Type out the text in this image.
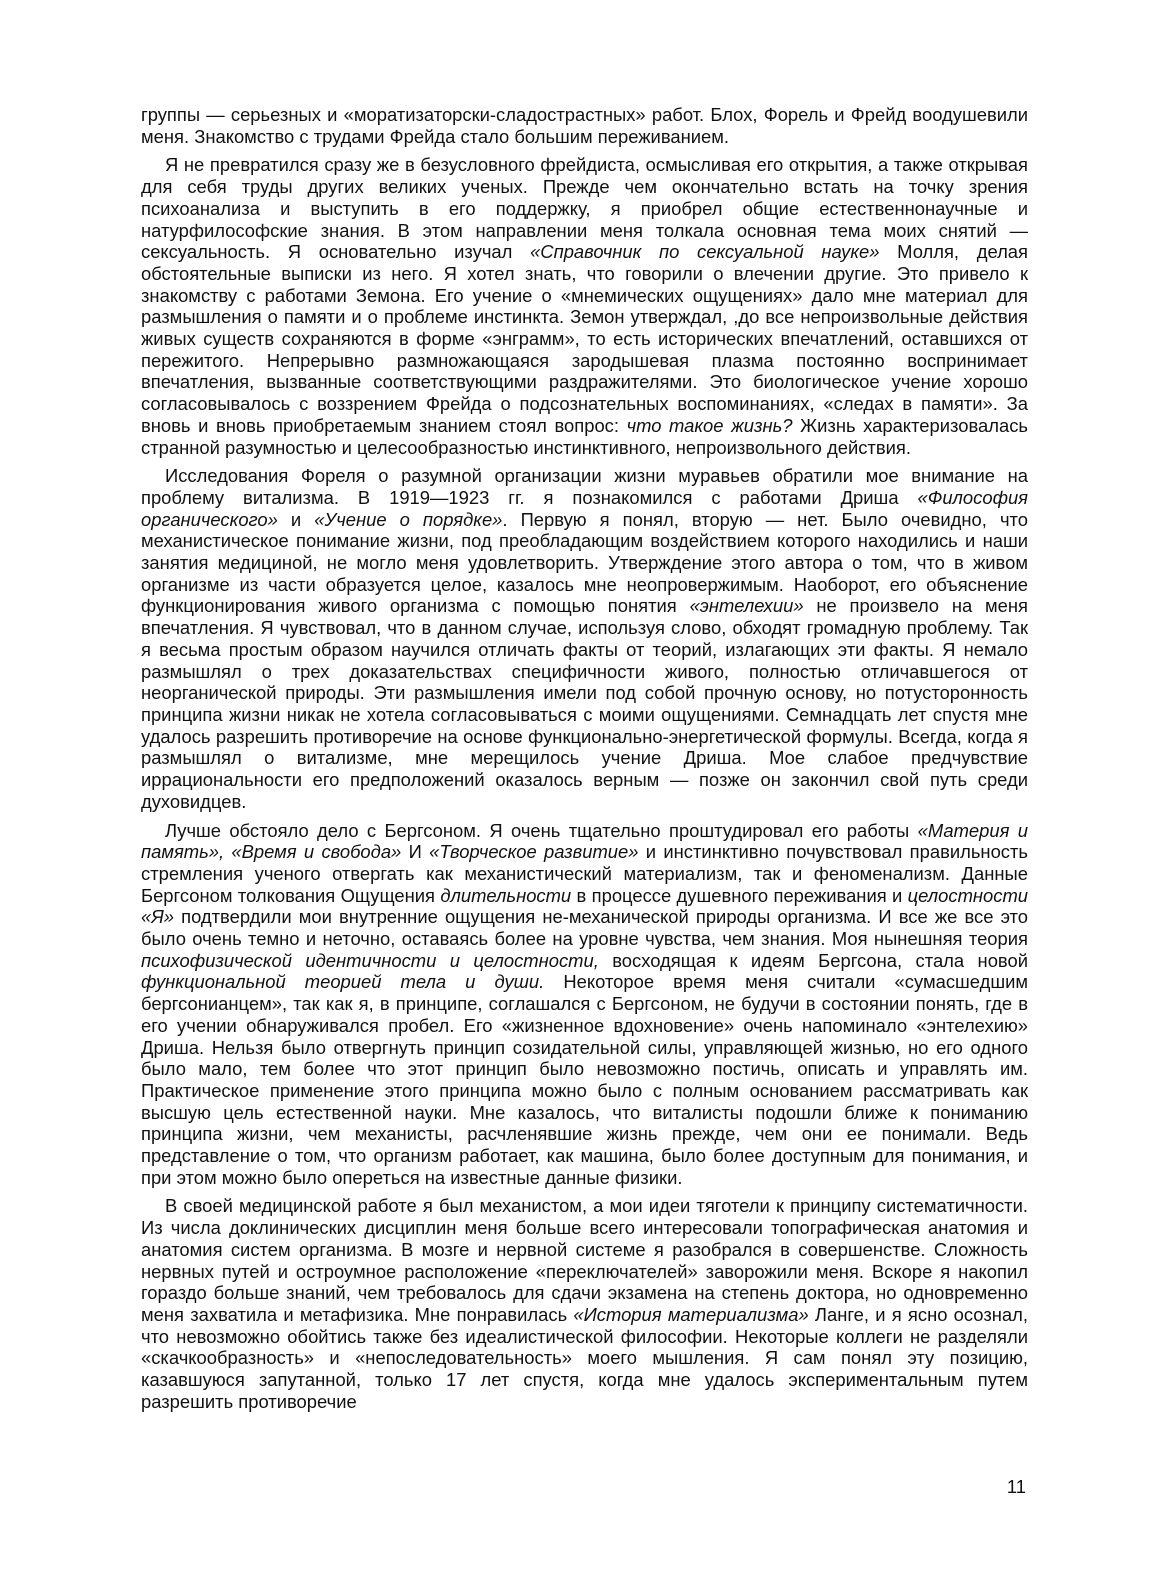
группы — серьезных и «моратизаторски-сладострастных» работ. Блох, Форель и Фрейд воодушевили меня. Знакомство с трудами Фрейда стало большим переживанием.

Я не превратился сразу же в безусловного фрейдиста, осмысливая его открытия, а также открывая для себя труды других великих ученых. Прежде чем окончательно встать на точку зрения психоанализа и выступить в его поддержку, я приобрел общие естественнонаучные и натурфилософские знания. В этом направлении меня толкала основная тема моих снятий — сексуальность. Я основательно изучал «Справочник по сексуальной науке» Молля, делая обстоятельные выписки из него. Я хотел знать, что говорили о влечении другие. Это привело к знакомству с работами Земона. Его учение о «мнемических ощущениях» дало мне материал для размышления о памяти и о проблеме инстинкта. Земон утверждал, ,до все непроизвольные действия живых существ сохраняются в форме «энграмм», то есть исторических впечатлений, оставшихся от пережитого. Непрерывно размножающаяся зародышевая плазма постоянно воспринимает впечатления, вызванные соответствующими раздражителями. Это биологическое учение хорошо согласовывалось с воззрением Фрейда о подсознательных воспоминаниях, «следах в памяти». За вновь и вновь приобретаемым знанием стоял вопрос: что такое жизнь? Жизнь характеризовалась странной разумностью и целесообразностью инстинктивного, непроизвольного действия.

Исследования Фореля о разумной организации жизни муравьев обратили мое внимание на проблему витализма. В 1919—1923 гг. я познакомился с работами Дриша «Философия органического» и «Учение о порядке». Первую я понял, вторую — нет. Было очевидно, что механистическое понимание жизни, под преобладающим воздействием которого находились и наши занятия медициной, не могло меня удовлетворить. Утверждение этого автора о том, что в живом организме из части образуется целое, казалось мне неопровержимым. Наоборот, его объяснение функционирования живого организма с помощью понятия «энтелехии» не произвело на меня впечатления. Я чувствовал, что в данном случае, используя слово, обходят громадную проблему. Так я весьма простым образом научился отличать факты от теорий, излагающих эти факты. Я немало размышлял о трех доказательствах специфичности живого, полностью отличавшегося от неорганической природы. Эти размышления имели под собой прочную основу, но потусторонность принципа жизни никак не хотела согласовываться с моими ощущениями. Семнадцать лет спустя мне удалось разрешить противоречие на основе функционально-энергетической формулы. Всегда, когда я размышлял о витализме, мне мерещилось учение Дриша. Мое слабое предчувствие иррациональности его предположений оказалось верным — позже он закончил свой путь среди духовидцев.

Лучше обстояло дело с Бергсоном. Я очень тщательно проштудировал его работы «Материя и память», «Время и свобода» И «Творческое развитие» и инстинктивно почувствовал правильность стремления ученого отвергать как механистический материализм, так и феноменализм. Данные Бергсоном толкования Ощущения длительности в процессе душевного переживания и целостности «Я» подтвердили мои внутренние ощущения не-механической природы организма. И все же все это было очень темно и неточно, оставаясь более на уровне чувства, чем знания. Моя нынешняя теория психофизической идентичности и целостности, восходящая к идеям Бергсона, стала новой функциональной теорией тела и души. Некоторое время меня считали «сумасшедшим бергсонианцем», так как я, в принципе, соглашался с Бергсоном, не будучи в состоянии понять, где в его учении обнаруживался пробел. Его «жизненное вдохновение» очень напоминало «энтелехию» Дриша. Нельзя было отвергнуть принцип созидательной силы, управляющей жизнью, но его одного было мало, тем более что этот принцип было невозможно постичь, описать и управлять им. Практическое применение этого принципа можно было с полным основанием рассматривать как высшую цель естественной науки. Мне казалось, что виталисты подошли ближе к пониманию принципа жизни, чем механисты, расчленявшие жизнь прежде, чем они ее понимали. Ведь представление о том, что организм работает, как машина, было более доступным для понимания, и при этом можно было опереться на известные данные физики.

В своей медицинской работе я был механистом, а мои идеи тяготели к принципу систематичности. Из числа доклинических дисциплин меня больше всего интересовали топографическая анатомия и анатомия систем организма. В мозге и нервной системе я разобрался в совершенстве. Сложность нервных путей и остроумное расположение «переключателей» заворожили меня. Вскоре я накопил гораздо больше знаний, чем требовалось для сдачи экзамена на степень доктора, но одновременно меня захватила и метафизика. Мне понравилась «История материализма» Ланге, и я ясно осознал, что невозможно обойтись также без идеалистической философии. Некоторые коллеги не разделяли «скачкообразность» и «непоследовательность» моего мышления. Я сам понял эту позицию, казавшуюся запутанной, только 17 лет спустя, когда мне удалось экспериментальным путем разрешить противоречие

11
